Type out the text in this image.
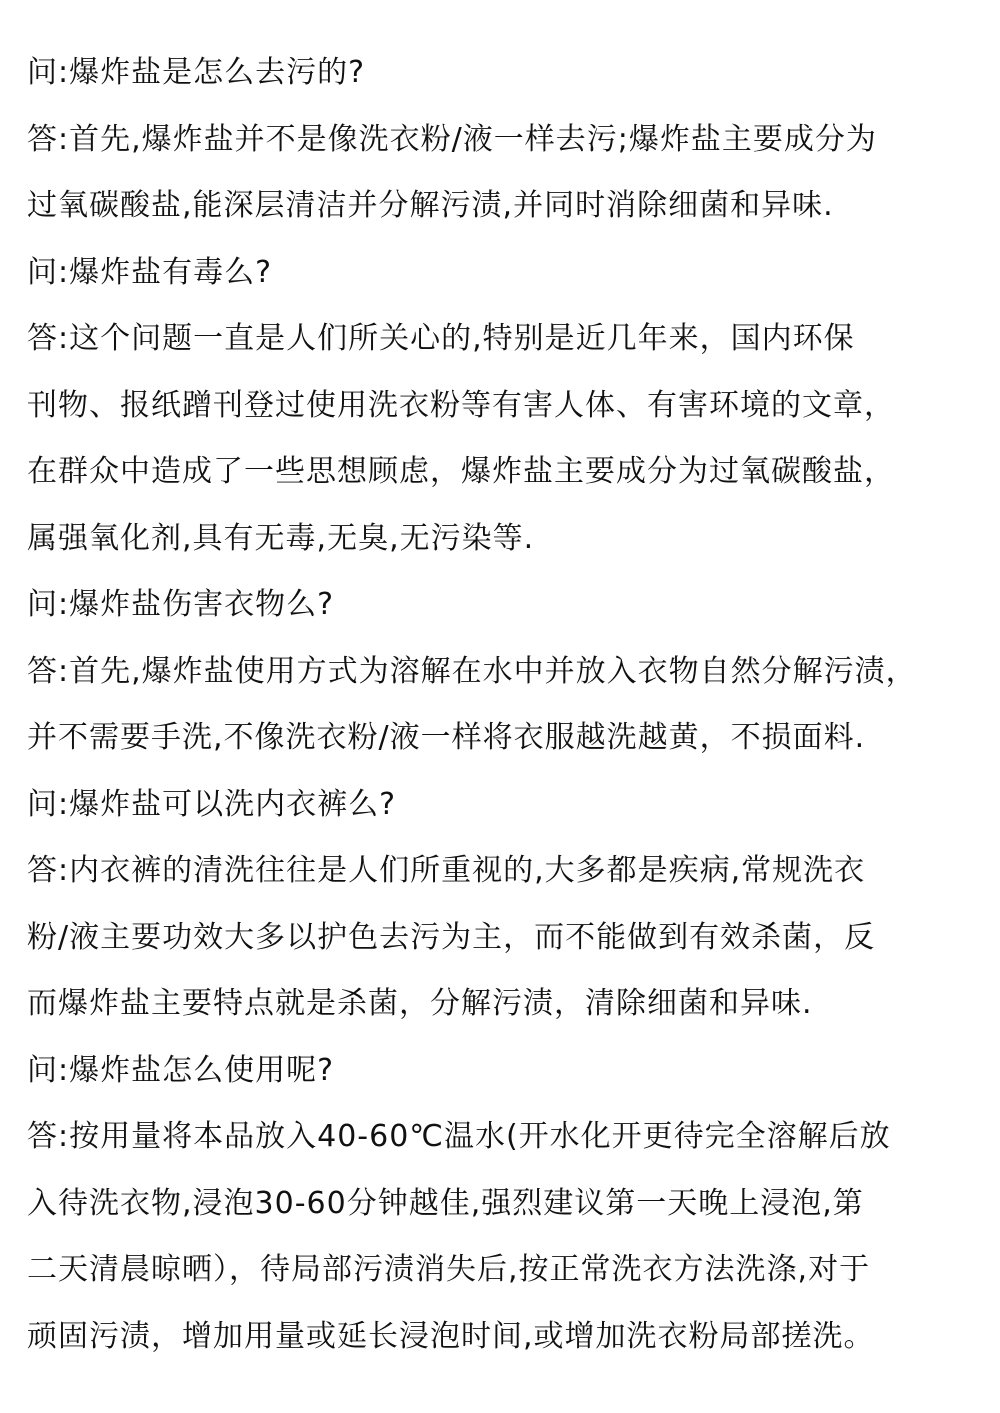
问:爆炸盐是怎么去污的?
答:首先,爆炸盐并不是像洗衣粉/液一样去污;爆炸盐主要成分为
过氧碳酸盐,能深层清洁并分解污渍,并同时消除细菌和异味.
问:爆炸盐有毒么?
答:这个问题一直是人们所关心的,特别是近几年来，国内环保
刊物、报纸蹭刊登过使用洗衣粉等有害人体、有害环境的文章，
在群众中造成了一些思想顾虑，爆炸盐主要成分为过氧碳酸盐，
属强氧化剂,具有无毒,无臭,无污染等.
问:爆炸盐伤害衣物么?
答:首先,爆炸盐使用方式为溶解在水中并放入衣物自然分解污渍，
并不需要手洗,不像洗衣粉/液一样将衣服越洗越黄，不损面料.
问:爆炸盐可以洗内衣裤么?
答:内衣裤的清洗往往是人们所重视的,大多都是疾病,常规洗衣
粉/液主要功效大多以护色去污为主，而不能做到有效杀菌，反
而爆炸盐主要特点就是杀菌，分解污渍，清除细菌和异味.
问:爆炸盐怎么使用呢?
答:按用量将本品放入40-60℃温水(开水化开更待完全溶解后放
入待洗衣物,浸泡30-60分钟越佳,强烈建议第一天晚上浸泡,第
二天清晨晾晒），待局部污渍消失后,按正常洗衣方法洗涤,对于
顽固污渍，增加用量或延长浸泡时间,或增加洗衣粉局部搓洗。
